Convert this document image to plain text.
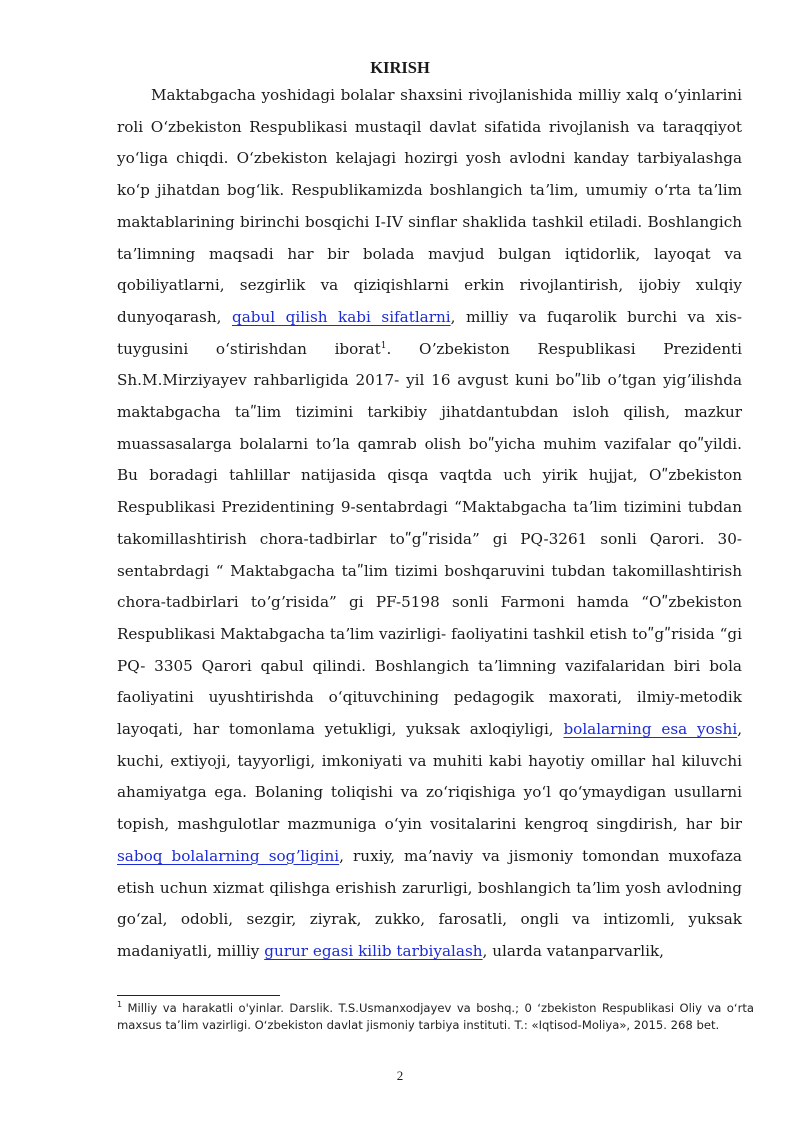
KIRISH

Maktabgacha yoshidagi bolalar shaxsini rivojlanishida milliy xalq oʻyinlarini roli Oʻzbekiston Respublikasi mustaqil davlat sifatida rivojlanish va taraqqiyot yoʻliga chiqdi. Oʻzbekiston kelajagi hozirgi yosh avlodni kanday tarbiyalashga koʻp jihatdan bogʻlik. Respublikamizda boshlangich taʼlim, umumiy oʻrta taʼlim maktablarining birinchi bosqichi I-IV sinflar shaklida tashkil etiladi. Boshlangich taʼlimning maqsadi har bir bolada mavjud bulgan iqtidorlik, layoqat va qobiliyatlarni, sezgirlik va qiziqishlarni erkin rivojlantirish, ijobiy xulqiy dunyoqarash, qabul qilish kabi sifatlarni, milliy va fuqarolik burchi va xis-tuygusini oʻstirishdan iborat$^1$. Oʼzbekiston Respublikasi Prezidenti Sh.M.Mirziyayev rahbarligida 2017- yil 16 avgust kuni boʺlib oʼtgan yigʼilishda maktabgacha taʺlim tizimini tarkibiy jihatdantubdan isloh qilish, mazkur muassasalarga bolalarni toʼla qamrab olish boʺyicha muhim vazifalar qoʺyildi. Bu boradagi tahlillar natijasida qisqa vaqtda uch yirik hujjat, Oʺzbekiston Respublikasi Prezidentining 9-sentabrdagi “Maktabgacha taʼlim tizimini tubdan takomillashtirish chora-tadbirlar toʺgʺrisida” gi PQ-3261 sonli Qarori. 30-sentabrdagi “ Maktabgacha taʺlim tizimi boshqaruvini tubdan takomillashtirish chora-tadbirlari toʼgʼrisida” gi PF-5198 sonli Farmoni hamda “Oʺzbekiston Respublikasi Maktabgacha taʼlim vazirligi- faoliyatini tashkil etish toʺgʺrisida “gi PQ- 3305 Qarori qabul qilindi. Boshlangich taʼlimning vazifalaridan biri bola faoliyatini uyushtirishda oʻqituvchining pedagogik maxorati, ilmiy-metodik layoqati, har tomonlama yetukligi, yuksak axloqiyligi, bolalarning esa yoshi, kuchi, extiyoji, tayyorligi, imkoniyati va muhiti kabi hayotiy omillar hal kiluvchi ahamiyatga ega. Bolaning toliqishi va zoʻriqishiga yoʻl qoʻymaydigan usullarni topish, mashgulotlar mazmuniga oʻyin vositalarini kengroq singdirish, har bir saboq bolalarning sogʼligini, ruxiy, maʼnaviy va jismoniy tomondan muxofaza etish uchun xizmat qilishga erishish zarurligi, boshlangich taʼlim yosh avlodning goʻzal, odobli, sezgir, ziyrak, zukko, farosatli, ongli va intizomli, yuksak madaniyatli, milliy gurur egasi kilib tarbiyalash, ularda vatanparvarlik,

$^1$ Milliy va harakatli o'yinlar. Darslik. T.S.Usmanxodjayev va boshq.; 0 ʻzbekiston Respublikasi Oliy va oʻrta maxsus taʼlim vazirligi. Oʻzbekiston davlat jismoniy tarbiya instituti. T.: «Iqtisod-Moliya», 2015. 268 bet.
2
